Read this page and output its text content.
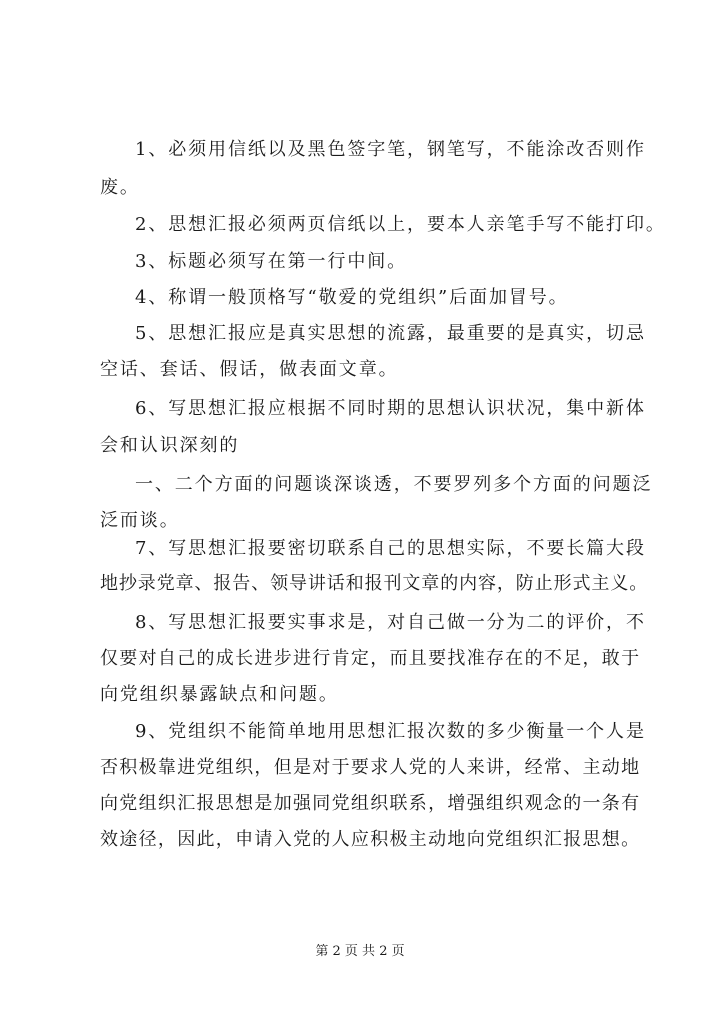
1、必须用信纸以及黑色签字笔，钢笔写，不能涂改否则作
废。
2、思想汇报必须两页信纸以上，要本人亲笔手写不能打印。
3、标题必须写在第一行中间。
4、称谓一般顶格写“敬爱的党组织”后面加冒号。
5、思想汇报应是真实思想的流露，最重要的是真实，切忌
空话、套话、假话，做表面文章。
6、写思想汇报应根据不同时期的思想认识状况，集中新体
会和认识深刻的
一、二个方面的问题谈深谈透，不要罗列多个方面的问题泛
泛而谈。
7、写思想汇报要密切联系自己的思想实际，不要长篇大段
地抄录党章、报告、领导讲话和报刊文章的内容，防止形式主义。
8、写思想汇报要实事求是，对自己做一分为二的评价，不
仅要对自己的成长进步进行肯定，而且要找准存在的不足，敢于
向党组织暴露缺点和问题。
9、党组织不能简单地用思想汇报次数的多少衡量一个人是
否积极靠进党组织，但是对于要求人党的人来讲，经常、主动地
向党组织汇报思想是加强同党组织联系，增强组织观念的一条有
效途径，因此，申请入党的人应积极主动地向党组织汇报思想。
第 2 页 共 2 页
